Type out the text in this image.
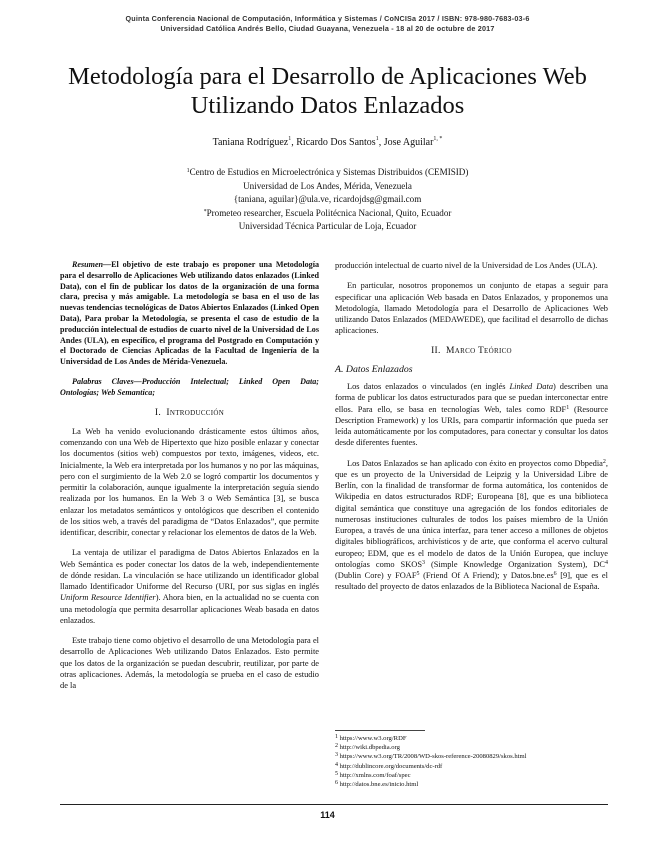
Quinta Conferencia Nacional de Computación, Informática y Sistemas / CoNCISa 2017 / ISBN: 978-980-7683-03-6
Universidad Católica Andrés Bello, Ciudad Guayana, Venezuela - 18 al 20 de octubre de 2017
Metodología para el Desarrollo de Aplicaciones Web
Utilizando Datos Enlazados
Taniana Rodríguez$^1$, Ricardo Dos Santos$^1$, Jose Aguilar$^{1, *}$
$^1$Centro de Estudios en Microelectrónica y Sistemas Distribuidos (CEMISID)
Universidad de Los Andes, Mérida, Venezuela
{taniana, aguilar}@ula.ve, ricardojdsg@gmail.com
*Prometeo researcher, Escuela Politécnica Nacional, Quito, Ecuador
Universidad Técnica Particular de Loja, Ecuador

Resumen—El objetivo de este trabajo es proponer una Metodología para el desarrollo de Aplicaciones Web utilizando datos enlazados (Linked Data), con el fin de publicar los datos de la organización de una forma clara, precisa y más amigable. La metodología se basa en el uso de las nuevas tendencias tecnológicas de Datos Abiertos Enlazados (Linked Open Data), Para probar la Metodología, se presenta el caso de estudio de la producción intelectual de estudios de cuarto nivel de la Universidad de Los Andes (ULA), en específico, el programa del Postgrado en Computación y el Doctorado de Ciencias Aplicadas de la Facultad de Ingeniería de la Universidad de Los Andes de Mérida-Venezuela.

Palabras Claves—Producción Intelectual; Linked Open Data; Ontologías; Web Semantica;

I. Introducción

La Web ha venido evolucionando drásticamente estos últimos años, comenzando con una Web de Hipertexto que hizo posible enlazar y conectar los documentos (sitios web) compuestos por texto, imágenes, videos, etc. Inicialmente, la Web era interpretada por los humanos y no por las máquinas, pero con el surgimiento de la Web 2.0 se logró compartir los documentos y permitir la colaboración, aunque igualmente la interpretación seguía siendo realizada por los humanos. En la Web 3 o Web Semántica [3], se busca enlazar los metadatos semánticos y ontológicos que describen el contenido de los sitios web, a través del paradigma de “Datos Enlazados”, que permite identificar, describir, conectar y relacionar los elementos de datos de la Web.

La ventaja de utilizar el paradigma de Datos Abiertos Enlazados en la Web Semántica es poder conectar los datos de la web, independientemente de dónde residan. La vinculación se hace utilizando un identificador global llamado Identificador Uniforme del Recurso (URI, por sus siglas en inglés Uniform Resource Identifier). Ahora bien, en la actualidad no se cuenta con una metodología que permita desarrollar aplicaciones Weab basada en datos enlazados.

Este trabajo tiene como objetivo el desarrollo de una Metodología para el desarrollo de Aplicaciones Web utilizando Datos Enlazados. Esto permite que los datos de la organización se puedan descubrir, reutilizar, por parte de otras aplicaciones. Además, la metodología se prueba en el caso de estudio de la

producción intelectual de cuarto nivel de la Universidad de Los Andes (ULA).

En particular, nosotros proponemos un conjunto de etapas a seguir para especificar una aplicación Web basada en Datos Enlazados, y proponemos una Metodología, llamado Metodología para el Desarrollo de Aplicaciones Web utilizando Datos Enlazados (MEDAWEDE), que facilitad el desarrollo de dichas aplicaciones.

II. Marco Teórico
A. Datos Enlazados

Los datos enlazados o vinculados (en inglés Linked Data) describen una forma de publicar los datos estructurados para que se puedan interconectar entre ellos. Para ello, se basa en tecnologías Web, tales como RDF$^1$ (Resource Description Framework) y los URIs, para compartir información que pueda ser leída automáticamente por los computadores, para conectar y consultar los datos desde diferentes fuentes.

Los Datos Enlazados se han aplicado con éxito en proyectos como Dbpedia$^2$, que es un proyecto de la Universidad de Leipzig y la Universidad Libre de Berlín, con la finalidad de transformar de forma automática, los contenidos de Wikipedia en datos estructurados RDF; Europeana [8], que es una biblioteca digital semántica que constituye una agregación de los fondos editoriales de numerosas instituciones culturales de todos los países miembro de la Unión Europea, a través de una única interfaz, para tener acceso a millones de objetos digitales bibliográficos, archivísticos y de arte, que conforma el acervo cultural europeo; EDM, que es el modelo de datos de la Unión Europea, que incluye ontologías como SKOS$^3$ (Simple Knowledge Organization System), $DC^4$ (Dublin Core) y FOAF$^5$ (Friend Of A Friend); y $Datos.bne.es^6$ [9], que es el resultado del proyecto de datos enlazados de la Biblioteca Nacional de España.

$^1$ https://www.w3.org/RDF
$^2$ http://wiki.dbpedia.org
$^3$ https://www.w3.org/TR/2008/WD-skos-reference-20080829/skos.html
$^4$ http://dublincore.org/documents/dc-rdf
$^5$ http://xmlns.com/foaf/spec
$^6$ http://datos.bne.es/inicio.html
114
